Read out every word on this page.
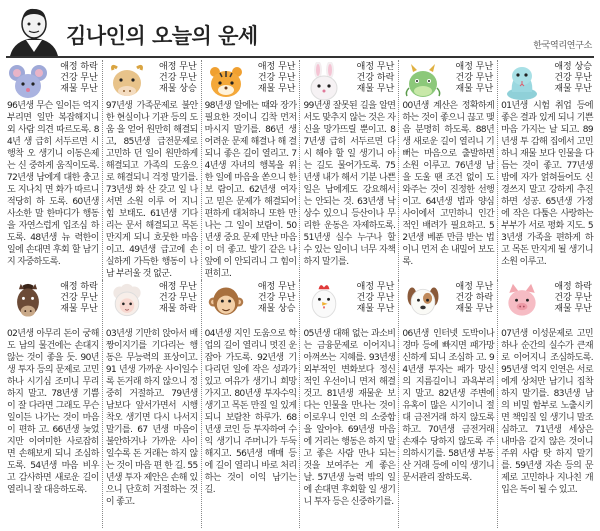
김나인의 오늘의 운세	한국역리연구소
애정 하락
건강 무난
재물 무난
96년생 무슨 일이든 억지 부리면 일만 복잡해지니 외 사람 의견 따르도록. 84년 생 급히 서두르면 시행착 오 생기니 이동은제는 신 중하게 움직이도록. 72년생 남에게 대한 충고도 지나치 면 화가 따르니 적당히 하 도록. 60년생 사소한 말 한마디가 행동을 자연스럽게 입조심 하도록. 48년생 뉴 력한이 일에 손대면 후회 할 남기지 자중하도록.
애정 무난
건강 무난
재물 상승
97년생 가족문제로 불안한 현실이나 기관 등의 도움 을 얻어 원만히 해결되고, 85년생 급전문제로 고민하 던 일이 원만하게 해결되고 가족의 도움으로 해결되니 걱정 말기를. 73년생 화 산 갖고 일 나서면 소원 이루 어 지니 힘 보태도. 61년생 기다리는 문서 해결되고 목돈 만지게 되니 흐뭇한 마음이고. 49년생 급고에 손실하게 가득한 행동이 나 남 부러울 것 없군.
애정 무난
건강 무난
재물 무난
98년생 알에는 때와 장가 필요한 것이니 김착 먼저 마시지 말기를. 86년 생 어려운 문제 해결나 해 결되니 좋은 길이 열리고. 74년생 자녀의 행복을 위한 일에 마음을 쏟으니 한 보 람이고. 62년생 여자고 믿은 문제가 해결되어 편하게 대처하니 또한 만나는 그 일이 보람이. 50년생 중요 문제 만난 마음이 더 좋고. 발기 같은 나 앞에 이 안되리니 그 힘이 편히고.
애정 무난
건강 하락
재물 무난
99년생 잘못된 길을 알면서도 맞추지 않는 것은 자신을 망가뜨릴 뿐이고. 87년생 급히 서두르면 다시 해야 할 일 생기니 아는 길도 물어가도록. 75년생 내가 해서 기분 나쁜 일은 남에게도 강요해서는 안되는 것. 63년생 낙상수 있으니 등산이나 무리한 운동은 자제하도록. 51년생 실수 누구나 할 수 있는 일이니 너무 자책하지 말기를.
애정 무난
건강 무난
재물 무난
00년생 계산은 정확하게 하는 것이 좋으니 끊고 맺음 분명히 하도록. 88년생 새로운 길이 열리니 기뻐는 마음으로 출발하면 소원 이루고. 76년생 남을 도울 땐 조건 없이 도와주는 것이 진정한 선행이고. 64년생 법과 양심 사이에서 고민하니 인간적인 배려가 필요하고. 52년생 베푼 만큼 받는 법이니 먼저 손 내밀어 보도록.
애정 상승
건강 무난
재물 무난
01년생 시험 취업 등에 좋은 결과 있게 되니 기쁜 마음 가지는 날 되고. 89년생 투 감해 집에서 고민하니 재물 보다 인물을 다듬는 것이 좋고. 77년생 밤에 자가 얽혀들어도 신경쓰지 말고 강하게 추진하면 성공. 65년생 가정에 작은 다툼은 사랑하는 부부가 서로 평화 지도. 53년생 가족을 편하게 하고 목돈 만지게 될 생기니 소원 이루고.
애정 하락
건강 무난
재물 무난
02년생 아무리 돈이 궁해도 남의 물건에는 손대지 않는 것이 좋을 듯. 90년생 투자 등의 문제로 고민하나 시기심 조미니 무리하지 말고. 78년생 기쁨이 잘 다라면 그래도 무슨 일이든 나가는 것이 마음이 편하 고. 66년생 늦었지만 이여미한 사로잡히면 손해보게 되니 조심하 도록. 54년생 마음 비우고 감사하면 새로운 길이 열리니 잘 대응하도록.
애정 무난
건강 무난
재물 하락
03년생 기만히 앉아서 배 짱이지기를 기다리는 행동은 무능력의 표상이고. 91 년생 가까운 사이일수록 돈거래 하지 않으니 정중히 거절하고. 79년생 남보다 앞서가면서 시행착오 생기면 다시 나서지 말기를. 67 년생 마음이 불안하거나 가까운 사이일수록 돈 거래는 하지 않는 것이 마음 편 한 길. 55년생 투자 제안은 손해 있으니 단호히 거절하는 것이 좋고.
애정 무난
건강 무난
재물 상승
04년생 지인 도움으로 학 업의 길이 열리니 멋진 운 잡아 가도록. 92년생 기다리던 일에 작은 성과가 있고 여유가 생기니 희망 가지고. 80년생 투자수익 생기고 목돈 만질 일 있게 되니 보람찬 하루가. 68년생 코인 등 투자하여 수익 생기니 주머니가 두둑해지고. 56년생 매매 등에 길이 열리니 바로 처리하는 것이 이익 남기는 길.
애정 무난
건강 무난
재물 무난
05년생 대해 없는 과소비는 금융문제로 이어지니 아껴쓰는 지혜를. 93년생 외부적인 변화보다 정신적인 우선이니 면저 해결 것고. 81년생 재물운 보다는 인물을 만나는 것이 이로우니 인연 의 소중함을 알아야. 69년생 마음에 거리는 행동은 하지 말고 좋은 사람 만나 되는 것을 보여주는 게 좋은 날. 57년생 능력 밖의 일에 손대면 후회할 일 생기니 투자 등은 신중하기를.
애정 무난
건강 하락
재물 무난
06년생 인터넷 도박이나 경마 등에 빠지면 패가망신하게 되니 조심하 고. 94년생 투자는 패가 망신의 지름길이니 과욕부리지 말고. 82년생 주변에 유혹이 많은 시기이니 절대 금전거래 하지 않도록 하고. 70년생 금전거래 손재수 당하지 않도록 주의하시기를. 58년생 부동산 거래 등에 이익 생기니 문서관리 잘하도록.
애정 하락
건강 무난
재물 무난
07년생 이성문제로 고민하나 순간의 실수가 큰재로 이어지니 조심하도록. 95년생 억지 인연은 서로에게 상처만 남기니 집착하지 말기를. 83년생 남의 비밀 함부로 노출시키면 책임질 일 생기니 말조심하고. 71년생 세상은 내마음 같지 않은 것이니 주위 사람 탓 하지 말기를. 59년생 자손 등의 문제로 고민하나 지나친 개입은 독이 될 수 있고.
